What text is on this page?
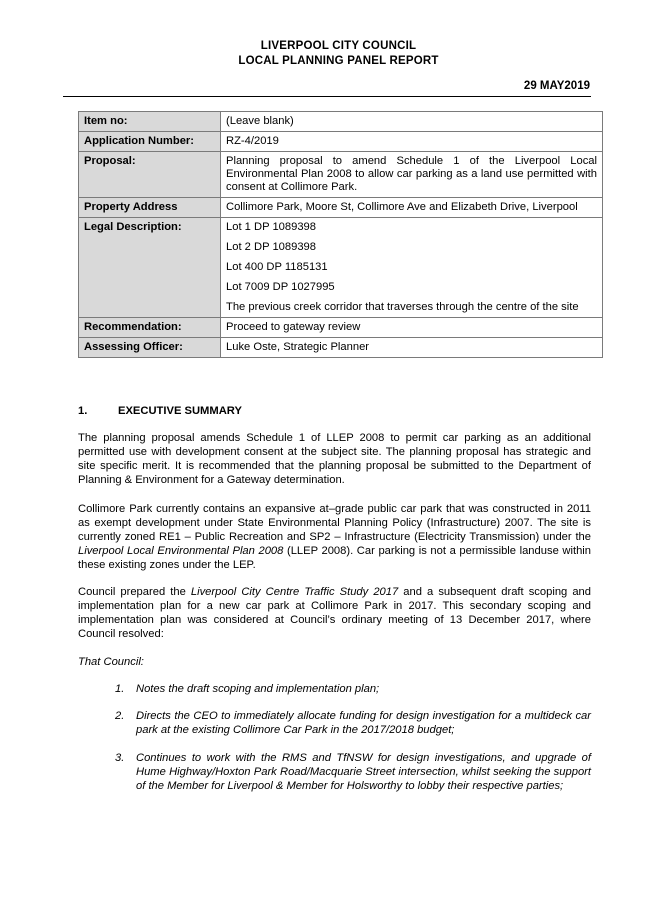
LIVERPOOL CITY COUNCIL
LOCAL PLANNING PANEL REPORT
29 MAY2019
Item no:	(Leave blank)
Application Number:	RZ-4/2019
Proposal:	Planning proposal to amend Schedule 1 of the Liverpool Local Environmental Plan 2008 to allow car parking as a land use permitted with consent at Collimore Park.
Property Address	Collimore Park, Moore St, Collimore Ave and Elizabeth Drive, Liverpool
Legal Description:	Lot 1 DP 1089398
Lot 2 DP 1089398
Lot 400 DP 1185131
Lot 7009 DP 1027995
The previous creek corridor that traverses through the centre of the site

Recommendation:	Proceed to gateway review
Assessing Officer:	Luke Oste, Strategic Planner
1.	EXECUTIVE SUMMARY

The planning proposal amends Schedule 1 of LLEP 2008 to permit car parking as an additional permitted use with development consent at the subject site. The planning proposal has strategic and site specific merit. It is recommended that the planning proposal be submitted to the Department of Planning & Environment for a Gateway determination.

Collimore Park currently contains an expansive at–grade public car park that was constructed in 2011 as exempt development under State Environmental Planning Policy (Infrastructure) 2007. The site is currently zoned RE1 – Public Recreation and SP2 – Infrastructure (Electricity Transmission) under the Liverpool Local Environmental Plan 2008 (LLEP 2008). Car parking is not a permissible landuse within these existing zones under the LEP.

Council prepared the Liverpool City Centre Traffic Study 2017 and a subsequent draft scoping and implementation plan for a new car park at Collimore Park in 2017. This secondary scoping and implementation plan was considered at Council’s ordinary meeting of 13 December 2017, where Council resolved:

That Council:
1. Notes the draft scoping and implementation plan;
2. Directs the CEO to immediately allocate funding for design investigation for a multideck car park at the existing Collimore Car Park in the 2017/2018 budget;
3. Continues to work with the RMS and TfNSW for design investigations, and upgrade of Hume Highway/Hoxton Park Road/Macquarie Street intersection, whilst seeking the support of the Member for Liverpool & Member for Holsworthy to lobby their respective parties;
